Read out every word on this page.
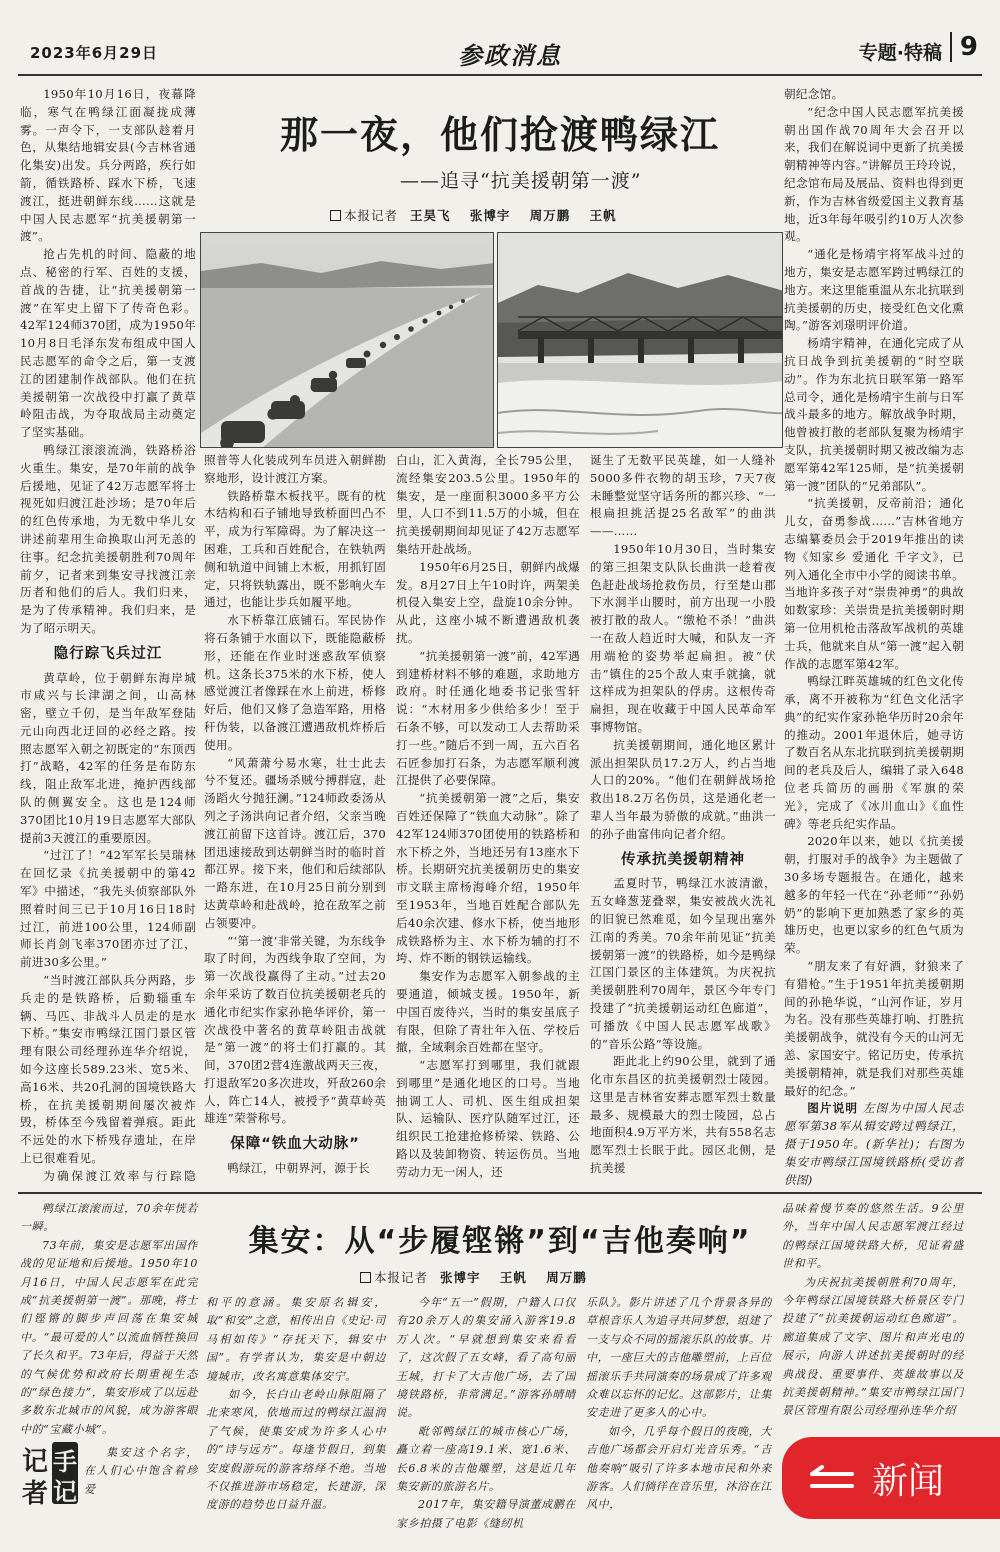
2023年6月29日	参政消息	专题·特稿 9
那一夜，他们抢渡鸭绿江
——追寻“抗美援朝第一渡”
本报记者 王昊飞 张博宇 周万鹏 王帆

1950年10月16日，夜幕降临，寒气在鸭绿江面凝拢成薄雾。一声令下，一支部队趁着月色，从集结地辑安县(今吉林省通化集安)出发。兵分两路，疾行如箭，循铁路桥、踩水下桥，飞速渡江，挺进朝鲜东线……这就是中国人民志愿军“抗美援朝第一渡”。

抢占先机的时间、隐蔽的地点、秘密的行军、百姓的支援，首战的告捷，让“抗美援朝第一渡”在军史上留下了传奇色彩。42军124师370团，成为1950年10月8日毛泽东发布组成中国人民志愿军的命令之后，第一支渡江的团建制作战部队。他们在抗美援朝第一次战役中打赢了黄草岭阻击战，为夺取战局主动奠定了坚实基础。

鸭绿江滚滚流淌，铁路桥浴火重生。集安，是70年前的战争后援地，见证了42万志愿军将士视死如归渡江赴沙场；是70年后的红色传承地，为无数中华儿女讲述前辈用生命换取山河无恙的往事。纪念抗美援朝胜利70周年前夕，记者来到集安寻找渡江亲历者和他们的后人。我们归来，是为了传承精神。我们归来，是为了昭示明天。

隐行踪飞兵过江

黄草岭，位于朝鲜东海岸城市咸兴与长津湖之间，山高林密，壁立千仞，是当年敌军登陆元山向西北迂回的必经之路。按照志愿军入朝之初既定的“东顶西打”战略，42军的任务是布防东线，阻止敌军北进，掩护西线部队的侧翼安全。这也是124师370团比10月19日志愿军大部队提前3天渡江的重要原因。

“过江了！”42军军长吴瑞林在回忆录《抗美援朝中的第42军》中描述，“我先头侦察部队外照着时间三已于10月16日18时过江，前进100公里，124师副师长肖剑飞率370团亦过了江，前进30多公里。”

“当时渡江部队兵分两路，步兵走的是铁路桥，后勤辎重车辆、马匹、非战斗人员走的是水下桥。”集安市鸭绿江国门景区管理有限公司经理孙连华介绍说，如今这座长589.23米、宽5米、高16米、共20孔洞的国境铁路大桥，在抗美援朝期间屡次被炸毁，桥体至今残留着弹痕。距此不远处的水下桥残存遗址，在岸上已很难看见。

为确保渡江效率与行踪隐

照普等人化装成列车员进入朝鲜勘察地形，设计渡江方案。

铁路桥靠木板找平。既有的枕木结构和石子铺地导致桥面凹凸不平，成为行军障碍。为了解决这一困难，工兵和百姓配合，在铁轨两侧和轨道中间铺上木板，用抓钉固定，只将铁轨露出，既不影响火车通过，也能让步兵如履平地。

水下桥靠江底铺石。军民协作将石条铺于水面以下，既能隐蔽桥形，还能在作业时迷惑敌军侦察机。这条长375米的水下桥，使人感觉渡江者像踩在水上前进，桥修好后，他们又修了急造军路，用格秆伪装，以备渡江遭遇敌机炸桥后使用。

“风萧萧兮易水寒，壮士此去兮不复还。疆场杀贼兮搏群寇，赴汤蹈火兮抛狂澜。”124师政委汤从列之子汤洪向记者介绍，父亲当晚渡江前留下这首诗。渡江后，370团迅速接敌到达朝鲜当时的临时首都江界。接下来，他们和后续部队一路东进，在10月25日前分别到达黄草岭和赴战岭，抢在敌军之前占领要冲。

“‘第一渡’非常关键，为东线争取了时间，为西线争取了空间，为第一次战役赢得了主动。”过去20余年采访了数百位抗美援朝老兵的通化市纪实作家孙艳华评价，第一次战役中著名的黄草岭阻击战就是“第一渡”的将士们打赢的。其间，370团2营4连激战两天三夜，打退敌军20多次进攻，歼敌260余人，阵亡14人，被授予“黄草岭英雄连”荣誉称号。

保障“铁血大动脉”

鸭绿江，中朝界河，源于长

白山，汇入黄海，全长795公里，流经集安203.5公里。1950年的集安，是一座面积3000多平方公里，人口不到11.5万的小城，但在抗美援朝期间却见证了42万志愿军集结开赴战场。

1950年6月25日，朝鲜内战爆发。8月27日上午10时许，两架美机侵入集安上空，盘旋10余分钟。从此，这座小城不断遭遇敌机袭扰。

“抗美援朝第一渡”前，42军遇到建桥材料不够的难题，求助地方政府。时任通化地委书记张雪轩说：“木材用多少供给多少！至于石条不够，可以发动工人去帮助采打一些。”随后不到一周，五六百名石匠参加打石条，为志愿军顺利渡江提供了必要保障。

“抗美援朝第一渡”之后，集安百姓还保障了“铁血大动脉”。除了42军124师370团使用的铁路桥和水下桥之外，当地还另有13座水下桥。长期研究抗美援朝历史的集安市文联主席杨海峰介绍，1950年至1953年，当地百姓配合部队先后40余次建、修水下桥，使当地形成铁路桥为主、水下桥为辅的打不垮、炸不断的钢铁运输线。

集安作为志愿军入朝参战的主要通道，倾城支援。1950年，新中国百废待兴，当时的集安虽底子有限，但除了青壮年入伍、学校后撤，全域剩余百姓都在坚守。

“志愿军打到哪里，我们就跟到哪里”是通化地区的口号。当地抽调工人、司机、医生组成担架队、运输队、医疗队随军过江，还组织民工抢建抢修桥梁、铁路、公路以及装卸物资、转运伤员。当地劳动力无一闲人，还

诞生了无数平民英雄，如一人缝补5000多件衣物的胡玉珍，7天7夜未睡整觉坚守话务所的都兴珍、“一根扁担挑活提25名敌军”的曲洪——……

1950年10月30日，当时集安的第三担架支队队长曲洪一趁着夜色赶赴战场抢救伤员，行至楚山郡下水洞半山腰时，前方出现一小股被打散的敌人。“缴枪不杀！”曲洪一在敌人趋近时大喊，和队友一齐用端枪的姿势举起扁担。被“伏击”镇住的25个敌人束手就擒，就这样成为担架队的俘虏。这根传奇扁担，现在收藏于中国人民革命军事博物馆。

抗美援朝期间，通化地区累计派出担架队员17.2万人，约占当地人口的20%。“他们在朝鲜战场抢救出18.2万名伤员，这是通化老一辈人当年最为骄傲的成就。”曲洪一的孙子曲富伟向记者介绍。

传承抗美援朝精神

孟夏时节，鸭绿江水波清澈，五女峰葱茏叠翠，集安被战火洗礼的旧貌已然难觅，如今呈现出塞外江南的秀美。70余年前见证“抗美援朝第一渡”的铁路桥，如今是鸭绿江国门景区的主体建筑。为庆祝抗美援朝胜利70周年，景区今年专门投建了“抗美援朝运动红色廊道”，可播放《中国人民志愿军战歌》的“音乐公路”等设施。

距此北上约90公里，就到了通化市东昌区的抗美援朝烈士陵园。这里是吉林省安葬志愿军烈士数量最多、规模最大的烈士陵园，总占地面积4.9万平方米，共有558名志愿军烈士长眠于此。园区北侧，是抗美援

朝纪念馆。

“纪念中国人民志愿军抗美援朝出国作战70周年大会召开以来，我们在解说词中更新了抗美援朝精神等内容。”讲解员王玲玲说，纪念馆布局及展品、资料也得到更新，作为吉林省级爱国主义教育基地，近3年每年吸引约10万人次参观。

“通化是杨靖宇将军战斗过的地方，集安是志愿军跨过鸭绿江的地方。来这里能重温从东北抗联到抗美援朝的历史，接受红色文化熏陶。”游客刘璟明评价道。

杨靖宇精神，在通化完成了从抗日战争到抗美援朝的“时空联动”。作为东北抗日联军第一路军总司令，通化是杨靖宇生前与日军战斗最多的地方。解放战争时期，他曾被打散的老部队复聚为杨靖宇支队，抗美援朝时期又被改编为志愿军第42军125师，是“抗美援朝第一渡”团队的“兄弟部队”。

“抗美援朝，反帝前沿；通化儿女，奋勇参战……”吉林省地方志编纂委员会于2019年推出的读物《知家乡 爱通化 千字文》，已列入通化全市中小学的阅读书单。当地许多孩子对“崇贵神勇”的典故如数家珍：关崇贵是抗美援朝时期第一位用机枪击落敌军战机的英雄士兵，他就来自从“第一渡”起入朝作战的志愿军第42军。

鸭绿江畔英雄城的红色文化传承，离不开被称为“红色文化活字典”的纪实作家孙艳华历时20余年的推动。2001年退休后，她寻访了数百名从东北抗联到抗美援朝期间的老兵及后人，编辑了录入648位老兵简历的画册《军旗的荣光》，完成了《冰川血山》《血性碑》等老兵纪实作品。

2020年以来，她以《抗美援朝，打服对手的战争》为主题做了30多场专题报告。在通化，越来越多的年轻一代在“孙老师”“孙奶奶”的影响下更加熟悉了家乡的英雄历史，也更以家乡的红色气质为荣。

“朋友来了有好酒，豺狼来了有猎枪。”生于1951年抗美援朝期间的孙艳华说，“山河作证，岁月为名。没有那些英雄打响、打胜抗美援朝战争，就没有今天的山河无恙、家国安宁。铭记历史，传承抗美援朝精神，就是我们对那些英雄最好的纪念。”

图片说明 左图为中国人民志愿军第38军从辑安跨过鸭绿江，摄于1950年。(新华社)；右图为集安市鸭绿江国境铁路桥(受访者供图)

集安：从“步履铿锵”到“吉他奏响”
本报记者 张博宇 王帆 周万鹏

鸭绿江滚滚而过，70余年恍若一瞬。

73年前，集安是志愿军出国作战的见证地和后援地。1950年10月16日，中国人民志愿军在此完成“抗美援朝第一渡”。那晚，将士们铿锵的脚步声回荡在集安城中。“最可爱的人”以流血牺牲换回了长久和平。73年后，得益于天然的气候优势和政府长期重视生态的“绿色接力”，集安形成了以远赴多数东北城市的风貌，成为游客眼中的“宝藏小城”。

集安这个名字，在人们心中饱含着珍爱

和平的意涵。集安原名辑安，取“和安”之意，相传出自《史记·司马相如传》“存抚天下，辑安中国”。有学者认为，集安是中朝边境城市，改名寓意集体安宁。

如今，长白山老岭山脉阻隔了北来寒风，依地而过的鸭绿江温润了气候，使集安成为许多人心中的“诗与远方”。每逢节假日，到集安度假游玩的游客络绎不绝。当地不仅推进游市场稳定，长建游，深度游的趋势也日益升温。

今年“五一”假期，户籍人口仅有20余万人的集安涌入游客19.8万人次。“早就想到集安来看看了，这次假了五女峰，看了高句丽王城，打卡了大吉他广场，去了国境铁路桥，非常满足。”游客孙晴晴说。

毗邻鸭绿江的城市核心广场，矗立着一座高19.1米、宽1.6米、长6.8米的吉他雕塑，这是近几年集安新的旅游名片。

2017年，集安籍导演董成鹏在家乡拍摄了电影《缝纫机

乐队》。影片讲述了几个背景各异的草根音乐人为追寻共同梦想，组建了一支与众不同的摇滚乐队的故事。片中，一座巨大的吉他雕塑前，上百位摇滚乐手共同演奏的场景成了许多观众难以忘怀的记忆。这部影片，让集安走进了更多人的心中。

如今，几乎每个假日的夜晚，大吉他广场都会开启灯光音乐秀。“吉他奏响”吸引了许多本地市民和外来游客。人们徜徉在音乐里，沐浴在江风中，

品味着慢节奏的悠然生活。9公里外，当年中国人民志愿军渡江经过的鸭绿江国境铁路大桥，见证着盛世和平。

为庆祝抗美援朝胜利70周年，今年鸭绿江国境铁路大桥景区专门投建了“抗美援朝运动红色廊道”。廊道集成了文字、图片和声光电的展示，向游人讲述抗美援朝时的经典战役、重要事件、英雄故事以及抗美援朝精神。”集安市鸭绿江国门景区管理有限公司经理孙连华介绍

记
者
手
记	新闻
